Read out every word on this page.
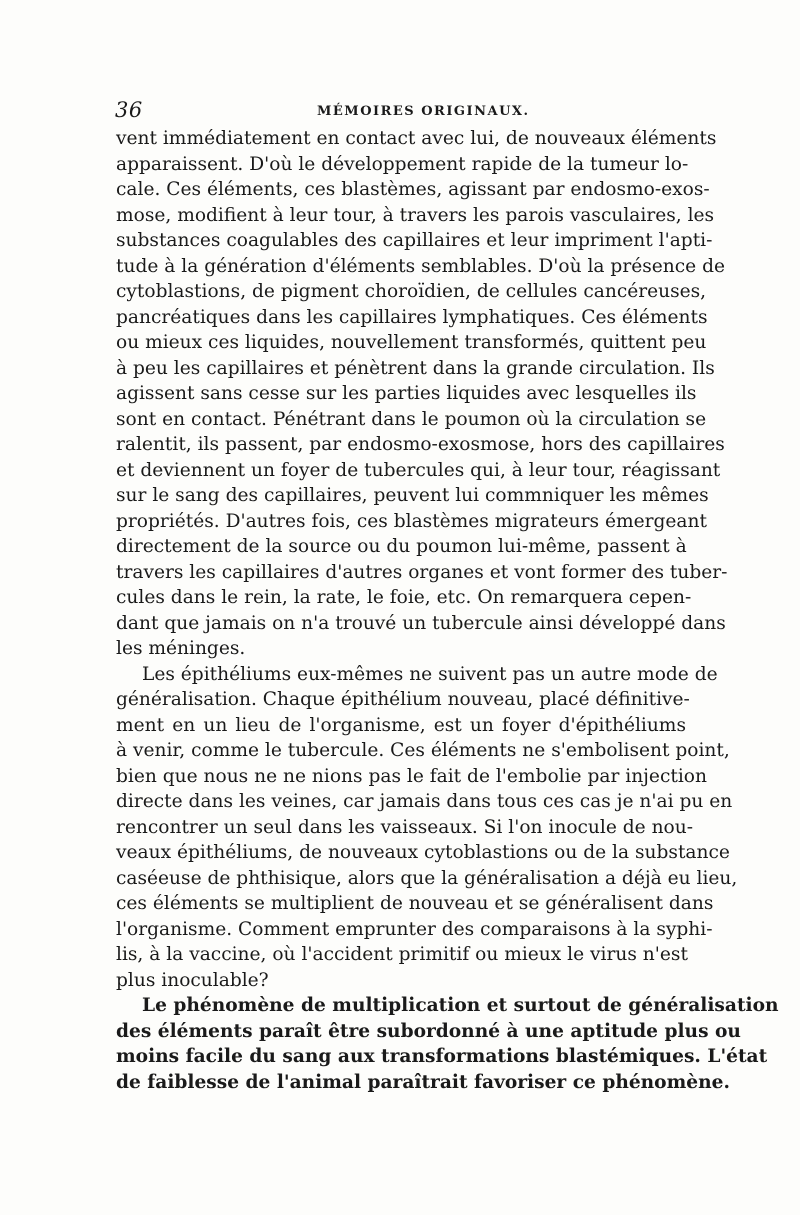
36	MÉMOIRES ORIGINAUX.
vent immédiatement en contact avec lui, de nouveaux éléments
apparaissent. D'où le développement rapide de la tumeur lo-
cale. Ces éléments, ces blastèmes, agissant par endosmo-exos-
mose, modifient à leur tour, à travers les parois vasculaires, les
substances coagulables des capillaires et leur impriment l'apti-
tude à la génération d'éléments semblables. D'où la présence de
cytoblastions, de pigment choroïdien, de cellules cancéreuses,
pancréatiques dans les capillaires lymphatiques. Ces éléments
ou mieux ces liquides, nouvellement transformés, quittent peu
à peu les capillaires et pénètrent dans la grande circulation. Ils
agissent sans cesse sur les parties liquides avec lesquelles ils
sont en contact. Pénétrant dans le poumon où la circulation se
ralentit, ils passent, par endosmo-exosmose, hors des capillaires
et deviennent un foyer de tubercules qui, à leur tour, réagissant
sur le sang des capillaires, peuvent lui commniquer les mêmes
propriétés. D'autres fois, ces blastèmes migrateurs émergeant
directement de la source ou du poumon lui-même, passent à
travers les capillaires d'autres organes et vont former des tuber-
cules dans le rein, la rate, le foie, etc. On remarquera cepen-
dant que jamais on n'a trouvé un tubercule ainsi développé dans
les méninges.
Les épithéliums eux-mêmes ne suivent pas un autre mode de
généralisation. Chaque épithélium nouveau, placé définitive-
ment en un lieu de l'organisme, est un foyer d'épithéliums
à venir, comme le tubercule. Ces éléments ne s'embolisent point,
bien que nous ne ne nions pas le fait de l'embolie par injection
directe dans les veines, car jamais dans tous ces cas je n'ai pu en
rencontrer un seul dans les vaisseaux. Si l'on inocule de nou-
veaux épithéliums, de nouveaux cytoblastions ou de la substance
caséeuse de phthisique, alors que la généralisation a déjà eu lieu,
ces éléments se multiplient de nouveau et se généralisent dans
l'organisme. Comment emprunter des comparaisons à la syphi-
lis, à la vaccine, où l'accident primitif ou mieux le virus n'est
plus inoculable?
Le phénomène de multiplication et surtout de généralisation
des éléments paraît être subordonné à une aptitude plus ou
moins facile du sang aux transformations blastémiques. L'état
de faiblesse de l'animal paraîtrait favoriser ce phénomène.
